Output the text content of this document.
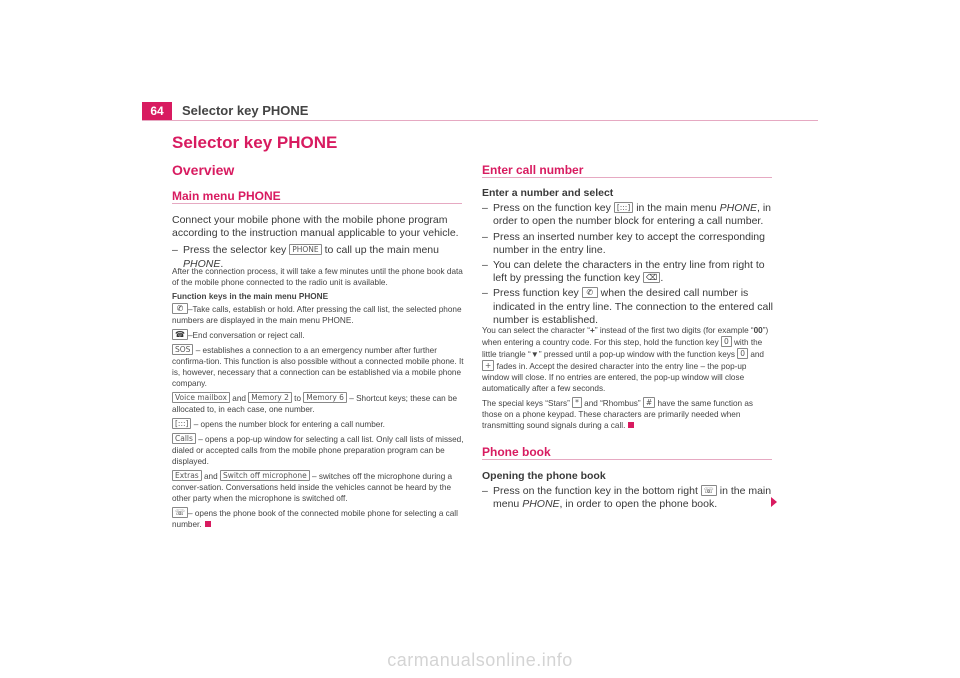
64	Selector key PHONE
Selector key PHONE
Overview
Main menu PHONE

Connect your mobile phone with the mobile phone program according to the instruction manual applicable to your vehicle.

– Press the selector key PHONE to call up the main menu PHONE.

After the connection process, it will take a few minutes until the phone book data of the mobile phone connected to the radio unit is available.

Function keys in the main menu PHONE

✆ –Take calls, establish or hold. After pressing the call list, the selected phone numbers are displayed in the main menu PHONE.

☎ –End conversation or reject call.

SOS – establishes a connection to a an emergency number after further confirma-tion. This function is also possible without a connected mobile phone. It is, however, necessary that a connection can be established via a mobile phone company.

Voice mailbox and Memory 2 to Memory 6 – Shortcut keys; these can be allocated to, in each case, one number.

[:::] – opens the number block for entering a call number.

Calls – opens a pop-up window for selecting a call list. Only call lists of missed, dialed or accepted calls from the mobile phone preparation program can be displayed.

Extras and Switch off microphone – switches off the microphone during a conver-sation. Conversations held inside the vehicles cannot be heard by the other party when the microphone is switched off.

☏ – opens the phone book of the connected mobile phone for selecting a call number.

Enter call number

Enter a number and select

– Press on the function key [:::] in the main menu PHONE, in order to open the number block for entering a call number.

– Press an inserted number key to accept the corresponding number in the entry line.

– You can delete the characters in the entry line from right to left by pressing the function key ⌫ .

– Press function key ✆ when the desired call number is indicated in the entry line. The connection to the entered call number is established.

You can select the character “+” instead of the first two digits (for example “00”) when entering a country code. For this step, hold the function key 0 with the little triangle “▼” pressed until a pop-up window with the function keys 0 and + fades in. Accept the desired character into the entry line – the pop-up window will close. If no entries are entered, the pop-up window will close automatically after a few seconds.

The special keys “Stars” * and “Rhombus” # have the same function as those on a phone keypad. These characters are primarily needed when transmitting sound signals during a call.

Phone book

Opening the phone book

– Press on the function key in the bottom right ☏ in the main menu PHONE, in order to open the phone book.

carmanualsonline.info
